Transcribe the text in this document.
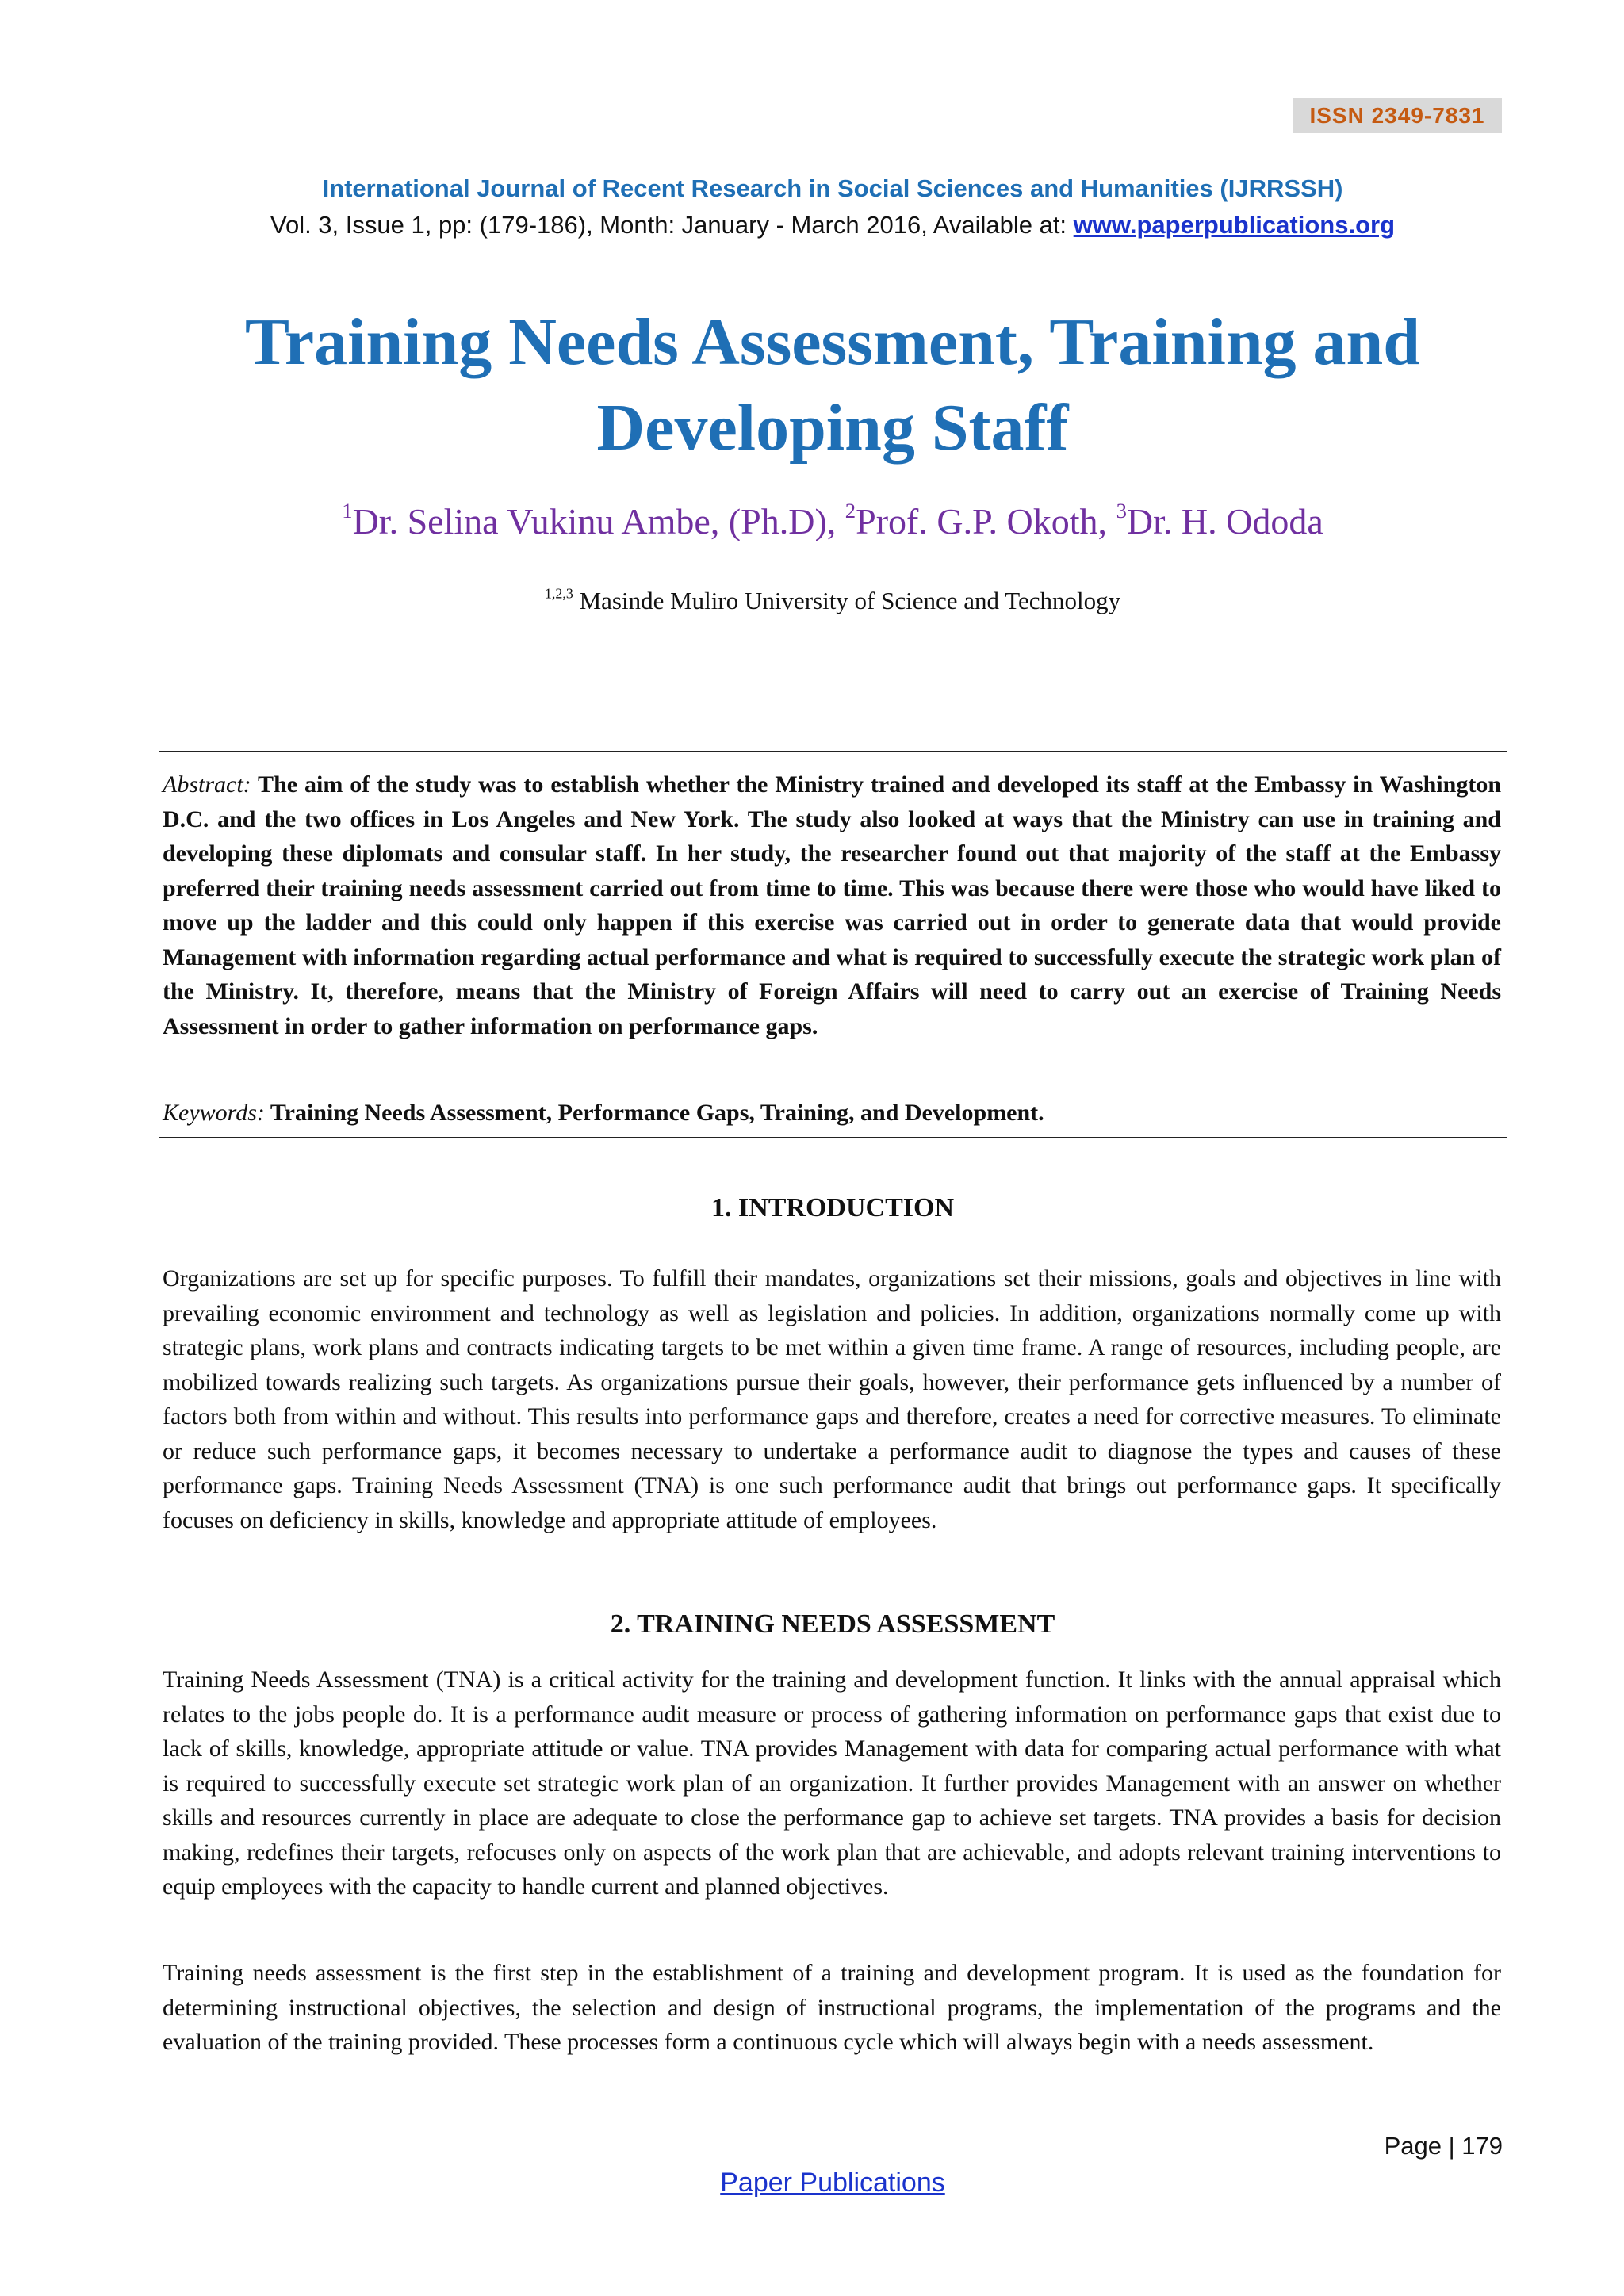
ISSN 2349-7831
International Journal of Recent Research in Social Sciences and Humanities (IJRRSSH)
Vol. 3, Issue 1, pp: (179-186), Month: January - March 2016, Available at: www.paperpublications.org
Training Needs Assessment, Training and Developing Staff
$^1$Dr. Selina Vukinu Ambe, (Ph.D), $^2$Prof. G.P. Okoth, $^3$Dr. H. Ododa
$^{1,2,3}$ Masinde Muliro University of Science and Technology

Abstract: The aim of the study was to establish whether the Ministry trained and developed its staff at the Embassy in Washington D.C. and the two offices in Los Angeles and New York. The study also looked at ways that the Ministry can use in training and developing these diplomats and consular staff. In her study, the researcher found out that majority of the staff at the Embassy preferred their training needs assessment carried out from time to time. This was because there were those who would have liked to move up the ladder and this could only happen if this exercise was carried out in order to generate data that would provide Management with information regarding actual performance and what is required to successfully execute the strategic work plan of the Ministry. It, therefore, means that the Ministry of Foreign Affairs will need to carry out an exercise of Training Needs Assessment in order to gather information on performance gaps.

Keywords: Training Needs Assessment, Performance Gaps, Training, and Development.

1. INTRODUCTION

Organizations are set up for specific purposes. To fulfill their mandates, organizations set their missions, goals and objectives in line with prevailing economic environment and technology as well as legislation and policies. In addition, organizations normally come up with strategic plans, work plans and contracts indicating targets to be met within a given time frame. A range of resources, including people, are mobilized towards realizing such targets. As organizations pursue their goals, however, their performance gets influenced by a number of factors both from within and without. This results into performance gaps and therefore, creates a need for corrective measures. To eliminate or reduce such performance gaps, it becomes necessary to undertake a performance audit to diagnose the types and causes of these performance gaps. Training Needs Assessment (TNA) is one such performance audit that brings out performance gaps. It specifically focuses on deficiency in skills, knowledge and appropriate attitude of employees.

2. TRAINING NEEDS ASSESSMENT

Training Needs Assessment (TNA) is a critical activity for the training and development function. It links with the annual appraisal which relates to the jobs people do. It is a performance audit measure or process of gathering information on performance gaps that exist due to lack of skills, knowledge, appropriate attitude or value. TNA provides Management with data for comparing actual performance with what is required to successfully execute set strategic work plan of an organization. It further provides Management with an answer on whether skills and resources currently in place are adequate to close the performance gap to achieve set targets. TNA provides a basis for decision making, redefines their targets, refocuses only on aspects of the work plan that are achievable, and adopts relevant training interventions to equip employees with the capacity to handle current and planned objectives.

Training needs assessment is the first step in the establishment of a training and development program. It is used as the foundation for determining instructional objectives, the selection and design of instructional programs, the implementation of the programs and the evaluation of the training provided. These processes form a continuous cycle which will always begin with a needs assessment.

Page | 179
Paper Publications
